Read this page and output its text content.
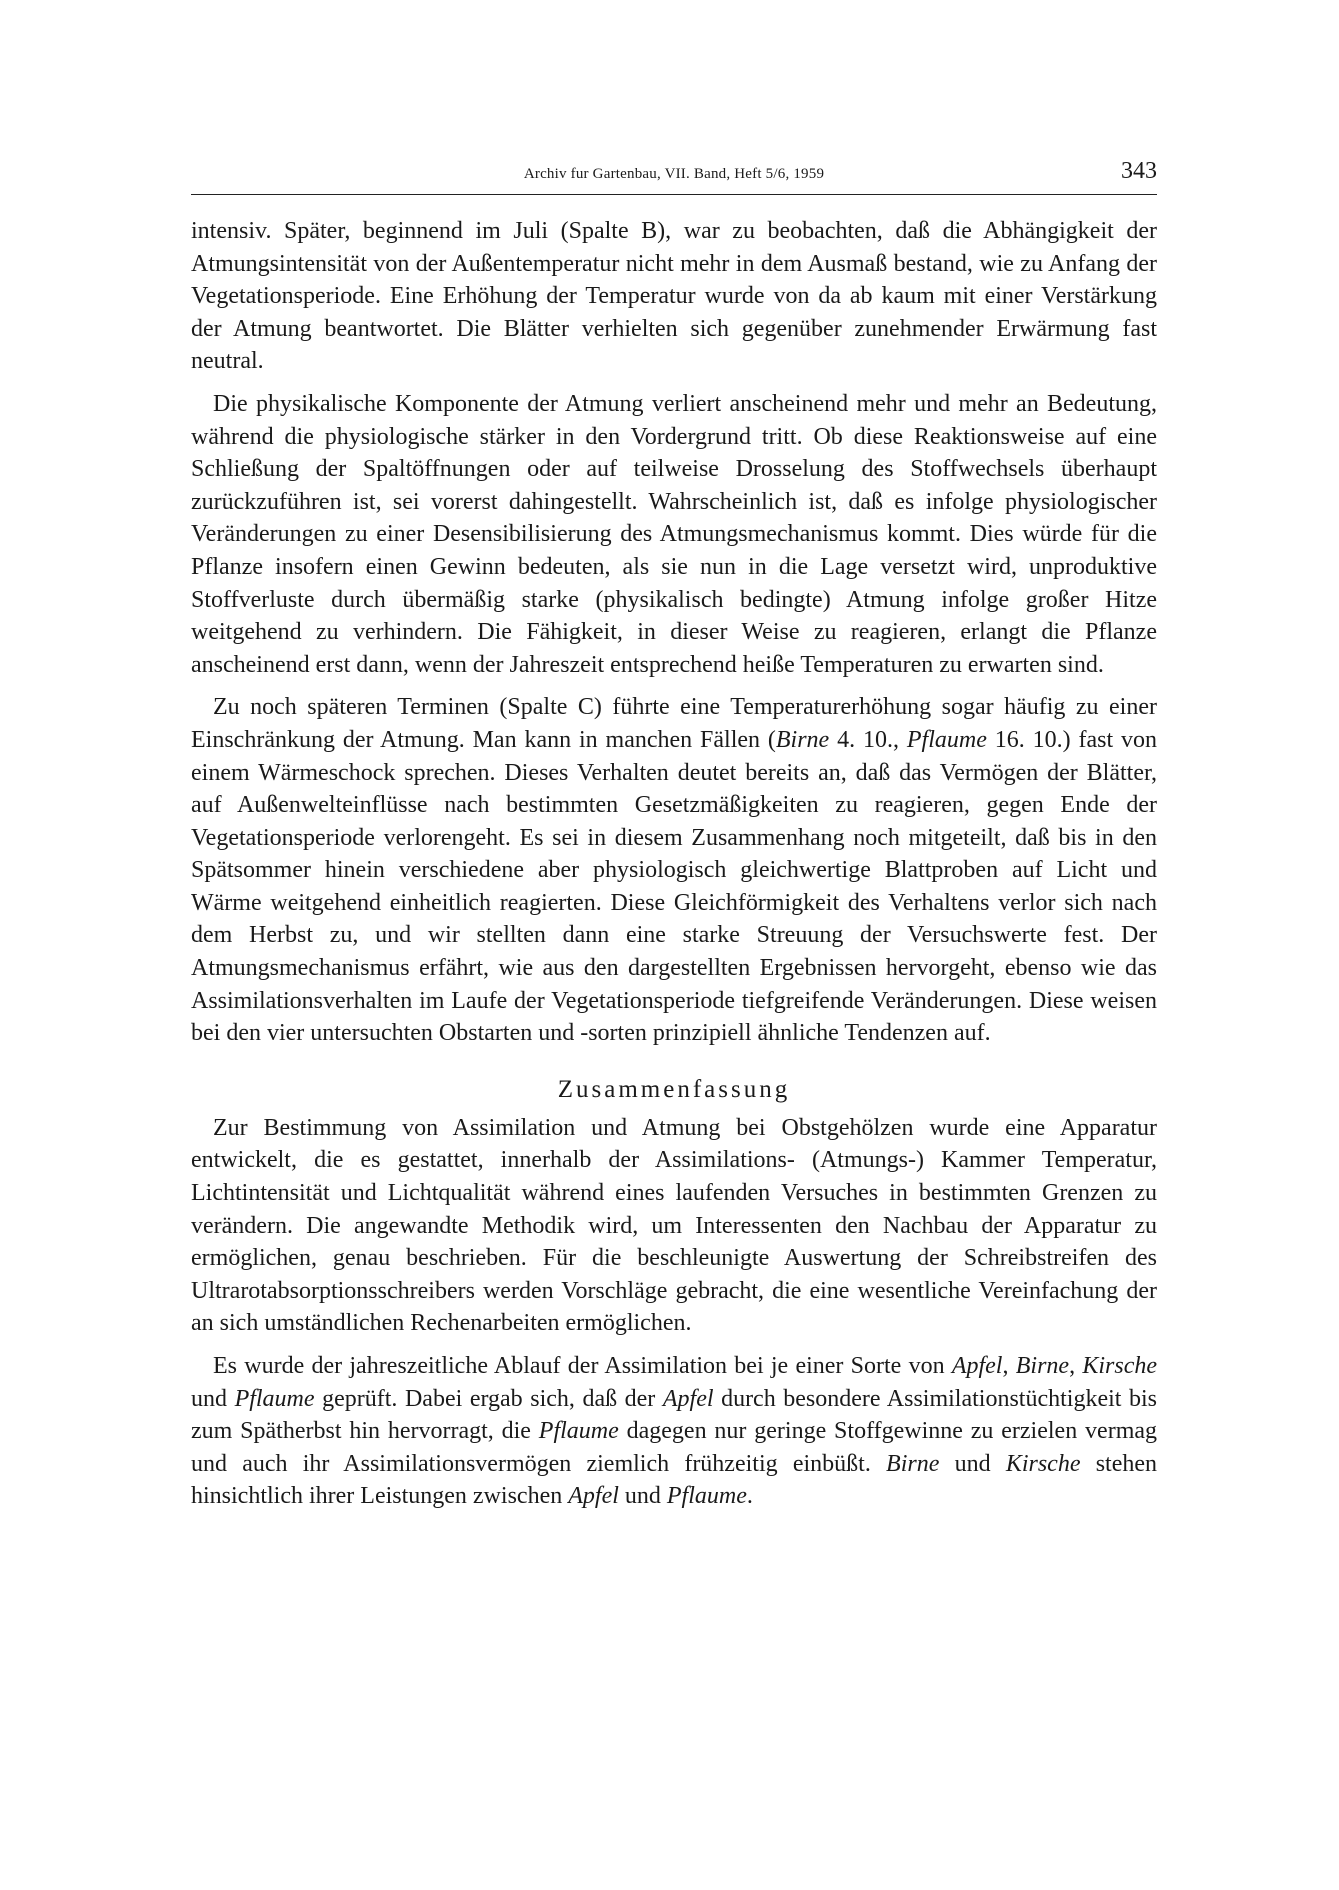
Archiv fur Gartenbau, VII. Band, Heft 5/6, 1959	343

intensiv. Später, beginnend im Juli (Spalte B), war zu beobachten, daß die Abhängigkeit der Atmungsintensität von der Außentemperatur nicht mehr in dem Ausmaß bestand, wie zu Anfang der Vegetationsperiode. Eine Erhöhung der Temperatur wurde von da ab kaum mit einer Verstärkung der Atmung beantwortet. Die Blätter verhielten sich gegenüber zunehmender Erwärmung fast neutral.

Die physikalische Komponente der Atmung verliert anscheinend mehr und mehr an Bedeutung, während die physiologische stärker in den Vordergrund tritt. Ob diese Reaktionsweise auf eine Schließung der Spaltöffnungen oder auf teilweise Drosselung des Stoffwechsels überhaupt zurückzuführen ist, sei vorerst dahingestellt. Wahrscheinlich ist, daß es infolge physiologischer Veränderungen zu einer Desensibilisierung des Atmungsmechanismus kommt. Dies würde für die Pflanze insofern einen Gewinn bedeuten, als sie nun in die Lage versetzt wird, unproduktive Stoffverluste durch übermäßig starke (physikalisch bedingte) Atmung infolge großer Hitze weitgehend zu verhindern. Die Fähigkeit, in dieser Weise zu reagieren, erlangt die Pflanze anscheinend erst dann, wenn der Jahreszeit entsprechend heiße Temperaturen zu erwarten sind.

Zu noch späteren Terminen (Spalte C) führte eine Temperaturerhöhung sogar häufig zu einer Einschränkung der Atmung. Man kann in manchen Fällen (Birne 4. 10., Pflaume 16. 10.) fast von einem Wärmeschock sprechen. Dieses Verhalten deutet bereits an, daß das Vermögen der Blätter, auf Außenwelteinflüsse nach bestimmten Gesetzmäßigkeiten zu reagieren, gegen Ende der Vegetationsperiode verlorengeht. Es sei in diesem Zusammenhang noch mitgeteilt, daß bis in den Spätsommer hinein verschiedene aber physiologisch gleichwertige Blattproben auf Licht und Wärme weitgehend einheitlich reagierten. Diese Gleichförmigkeit des Verhaltens verlor sich nach dem Herbst zu, und wir stellten dann eine starke Streuung der Versuchswerte fest. Der Atmungsmechanismus erfährt, wie aus den dargestellten Ergebnissen hervorgeht, ebenso wie das Assimilationsverhalten im Laufe der Vegetationsperiode tiefgreifende Veränderungen. Diese weisen bei den vier untersuchten Obstarten und -sorten prinzipiell ähnliche Tendenzen auf.

Zusammenfassung

Zur Bestimmung von Assimilation und Atmung bei Obstgehölzen wurde eine Apparatur entwickelt, die es gestattet, innerhalb der Assimilations- (Atmungs-) Kammer Temperatur, Lichtintensität und Lichtqualität während eines laufenden Versuches in bestimmten Grenzen zu verändern. Die angewandte Methodik wird, um Interessenten den Nachbau der Apparatur zu ermöglichen, genau beschrieben. Für die beschleunigte Auswertung der Schreibstreifen des Ultrarotabsorptionsschreibers werden Vorschläge gebracht, die eine wesentliche Vereinfachung der an sich umständlichen Rechenarbeiten ermöglichen.

Es wurde der jahreszeitliche Ablauf der Assimilation bei je einer Sorte von Apfel, Birne, Kirsche und Pflaume geprüft. Dabei ergab sich, daß der Apfel durch besondere Assimilationstüchtigkeit bis zum Spätherbst hin hervorragt, die Pflaume dagegen nur geringe Stoffgewinne zu erzielen vermag und auch ihr Assimilationsvermögen ziemlich frühzeitig einbüßt. Birne und Kirsche stehen hinsichtlich ihrer Leistungen zwischen Apfel und Pflaume.
